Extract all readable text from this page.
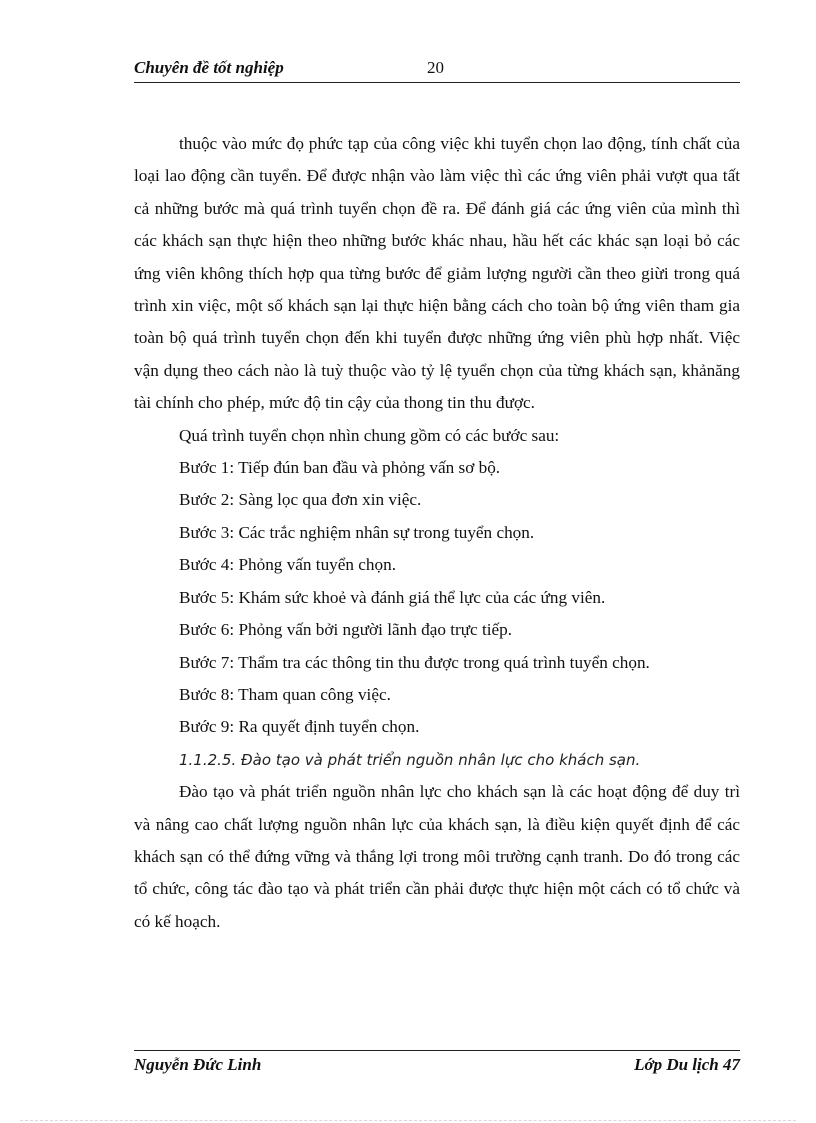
Chuyên đề tốt nghiệp	20

thuộc vào mức đọ phức tạp của công việc khi tuyển chọn lao động, tính chất của loại lao động cần tuyển. Để được nhận vào làm việc thì các ứng viên phải vượt qua tất cả những bước mà quá trình tuyển chọn đề ra. Để đánh giá các ứng viên của mình thì các khách sạn thực hiện theo những bước khác nhau, hầu hết các khác sạn loại bỏ các ứng viên không thích hợp qua từng bước để giảm lượng người cần theo giừi trong quá trình xin việc, một số khách sạn lại thực hiện bằng cách cho toàn bộ ứng viên tham gia toàn bộ quá trình tuyển chọn đến khi tuyển được những ứng viên phù hợp nhất. Việc vận dụng theo cách nào là tuỳ thuộc vào tỷ lệ tyuển chọn của từng khách sạn, khảnăng tài chính cho phép, mức độ tin cậy của thong tin thu được.

Quá trình tuyển chọn nhìn chung gồm có các bước sau:

Bước 1: Tiếp đún ban đầu và phỏng vấn sơ bộ.
Bước 2: Sàng lọc qua đơn xin việc.
Bước 3: Các trắc nghiệm nhân sự trong tuyển chọn.
Bước 4: Phỏng vấn tuyển chọn.
Bước 5: Khám sức khoẻ và đánh giá thể lực của các ứng viên.
Bước 6: Phỏng vấn bởi người lãnh đạo trực tiếp.
Bước 7: Thẩm tra các thông tin thu được trong quá trình tuyển chọn.
Bước 8: Tham quan công việc.
Bước 9: Ra quyết định tuyển chọn.

1.1.2.5. Đào tạo và phát triển nguồn nhân lực cho khách sạn.

Đào tạo và phát triển nguồn nhân lực cho khách sạn là các hoạt động để duy trì và nâng cao chất lượng nguồn nhân lực của khách sạn, là điều kiện quyết định để các khách sạn có thể đứng vững và thắng lợi trong môi trường cạnh tranh. Do đó trong các tổ chức, công tác đào tạo và phát triển cần phải được thực hiện một cách có tổ chức và có kế hoạch.

Nguyễn Đức Linh	Lớp Du lịch 47
